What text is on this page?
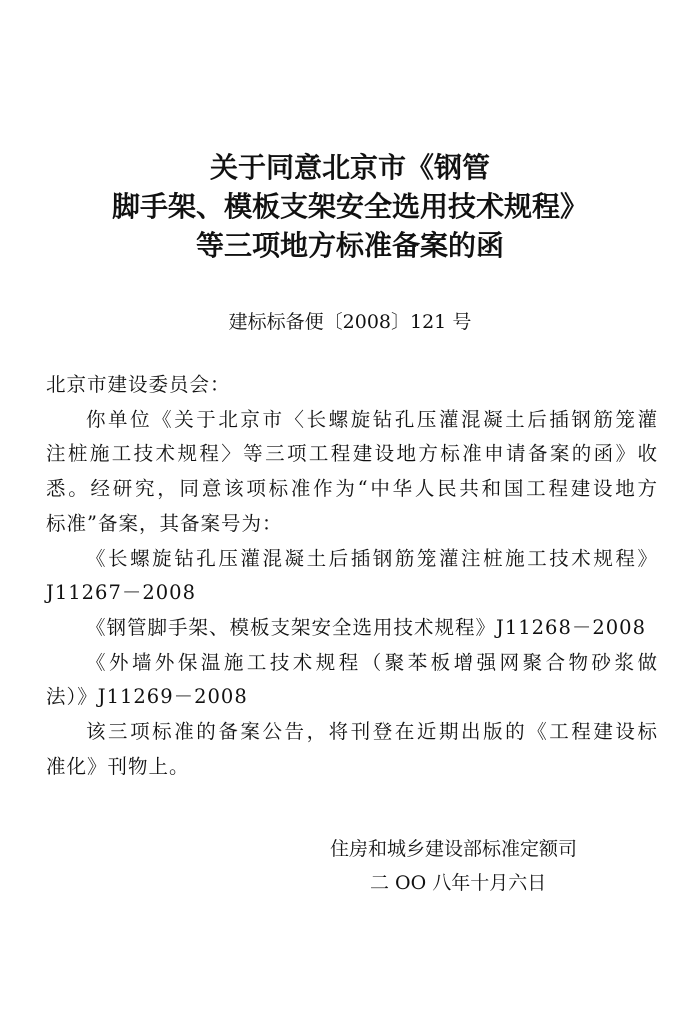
关于同意北京市《钢管
脚手架、模板支架安全选用技术规程》
等三项地方标准备案的函
建标标备便〔2008〕121 号

北京市建设委员会：

你单位《关于北京市〈长螺旋钻孔压灌混凝土后插钢筋笼灌

注桩施工技术规程〉等三项工程建设地方标准申请备案的函》收
悉。经研究，同意该项标准作为“中华人民共和国工程建设地方
标准”备案，其备案号为：

《长螺旋钻孔压灌混凝土后插钢筋笼灌注桩施工技术规程》

J11267－2008

《钢管脚手架、模板支架安全选用技术规程》J11268－2008

《外墙外保温施工技术规程（聚苯板增强网聚合物砂浆做

法）》J11269－2008

该三项标准的备案公告，将刊登在近期出版的《工程建设标

准化》刊物上。

住房和城乡建设部标准定额司
二 OO 八年十月六日
